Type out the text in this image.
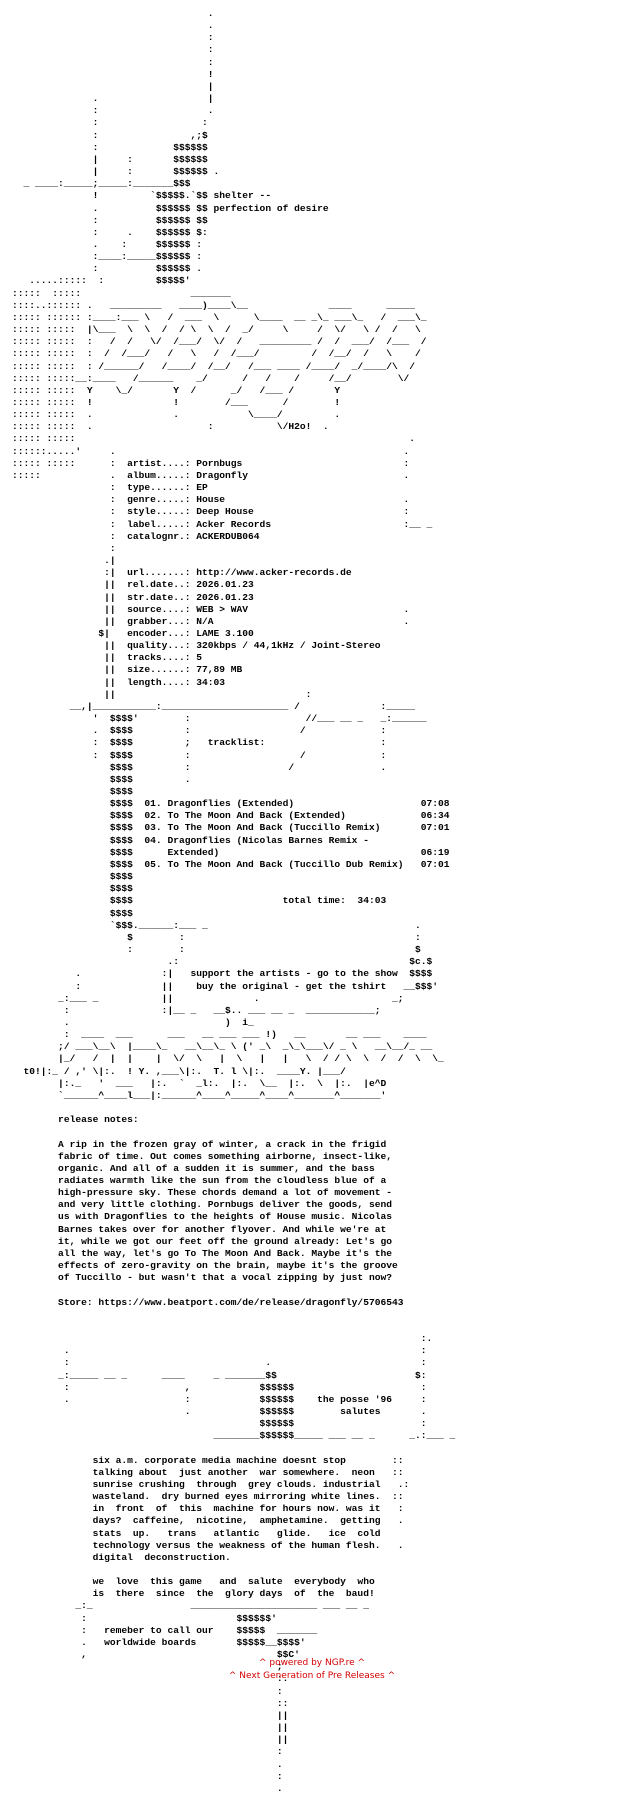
.
.
:
:
:
!
|
.                   |
:                   .
:                  :
:                ,;$
:             $$$$$$
|     :       $$$$$$
|     :       $$$$$$ .
_ ____:_____;_____:_______$$$
!         `$$$$$.`$$ shelter --
.          $$$$$$ $$ perfection of desire
:          $$$$$$ $$
:     .    $$$$$$ $:
.    :     $$$$$$ :
:____:_____$$$$$$ :
:          $$$$$$ .
.....:::::  :         $$$$$'
:::::  :::::                   _______
::::..:::::: .   _________   ____)____\__              ____      _____
::::: :::::: :____:___ \   /  ___  \      \____  __ _\_ ___\_   /  ___\_
::::: :::::  |\___  \  \  /  / \  \  /  _/     \     /  \/   \ /  /   \
::::: :::::  :   /  /   \/  /___/  \/  /   _________ /  /  ___/  /___  /
::::: :::::  :  /  /___/   /   \   /  /___/         /  /__/  /   \    /
::::: :::::  : /______/   /____/  /__/   /___ ____ /____/  _/____/\  /
::::: :::::__:____   /______    _/      /   /    /     /__/        \/
::::: :::::  Y    \_/       Y  /      _/   /___ /       Y
::::: :::::  !              !        /___      /        !
::::: :::::  .              .            \____/         .
::::: :::::  .                    :           \/H2o!  .
::::: :::::                                                          .
::::::.....'     .                                                  .
::::: :::::      :  artist....: Pornbugs                            :
:::::            .  album.....: Dragonfly                           .
:  type......: EP
:  genre.....: House                               .
:  style.....: Deep House                          :
:  label.....: Acker Records                       :__ _
:  catalognr.: ACKERDUB064
:
.|
:|  url.......: http://www.acker-records.de
||  rel.date..: 2026.01.23
||  str.date..: 2026.01.23
||  source....: WEB > WAV                           .
||  grabber...: N/A                                 .
$|   encoder...: LAME 3.100
||  quality...: 320kbps / 44,1kHz / Joint-Stereo
||  tracks....: 5
||  size......: 77,89 MB
||  length....: 34:03
||                                 :
__,|___________:______________________ /              :_____
'  $$$$'        :                    //___ __ _   _:______
.  $$$$         :                   /             :
:  $$$$         ;   tracklist:                    :
:  $$$$         :                   /             :
$$$$         :                 /               .
$$$$         .
$$$$
$$$$  01. Dragonflies (Extended)                      07:08
$$$$  02. To The Moon And Back (Extended)             06:34
$$$$  03. To The Moon And Back (Tuccillo Remix)       07:01
$$$$  04. Dragonflies (Nicolas Barnes Remix -
$$$$      Extended)                                   06:19
$$$$  05. To The Moon And Back (Tuccillo Dub Remix)   07:01
$$$$
$$$$
$$$$                          total time:  34:03
$$$$
`$$$.______:___ _                                    .
$        :                                        :
:        :                                        $
.:                                        $c.$
.              :|   support the artists - go to the show  $$$$
:              ||    buy the original - get the tshirt   __$$$'
_:___ _           ||              .                       _;
:                :|__ _   __$.. ___ __ _  ____________;
.                           )  i_
:  ____  ___      ___   __ ___ ___ !)   __       __ ___    ____
;/ ___\__\  |____\_   __\__\_ \ (' _\  _\_\___\/ _ \   __\__/_ __
|_/   /  |  |    |  \/  \   |  \   |   |   \  / / \  \  /  /  \  \_
t0!|:_ / ,' \|:.  ! Y. ,___\|:.  T. l \|:.  ____Y. |___/
|:._   '  ___   |:.  `  _l:.  |:.  \__  |:.  \  |:.  |e^D
`______^____l___|:______^____^_____^____^_______^_______'

release notes:

A rip in the frozen gray of winter, a crack in the frigid
fabric of time. Out comes something airborne, insect-like,
organic. And all of a sudden it is summer, and the bass
radiates warmth like the sun from the cloudless blue of a
high-pressure sky. These chords demand a lot of movement -
and very little clothing. Pornbugs deliver the goods, send
us with Dragonflies to the heights of House music. Nicolas
Barnes takes over for another flyover. And while we're at
it, while we got our feet off the ground already: Let's go
all the way, let's go To The Moon And Back. Maybe it's the
effects of zero-gravity on the brain, maybe it's the groove
of Tuccillo - but wasn't that a vocal zipping by just now?

Store: https://www.beatport.com/de/release/dragonfly/5706543

:.
.                                                             :
:                                  .                          :
_:_____ __ _      ____     _ _______$$                        $:
:                    ,            $$$$$$                      :
.                    :            $$$$$$    the posse '96     :
.            $$$$$$        salutes       .
$$$$$$                      :
________$$$$$$_____ ___ __ _      _.:___ _

six a.m. corporate media machine doesnt stop        ::
talking about  just another  war somewhere.  neon   ::
sunrise crushing  through  grey clouds. industrial   .:
wasteland.  dry burned eyes mirroring white lines.  ::
in  front  of  this  machine for hours now. was it   :
days?  caffeine,  nicotine,  amphetamine.  getting   .
stats  up.   trans   atlantic   glide.   ice  cold
technology versus the weakness of the human flesh.   .
digital  deconstruction.

we  love  this game   and  salute  everybody  who
is  there  since  the  glory days  of  the  baud!
_:_                 ______________________ ___ __ _
:                          $$$$$$'
:   remeber to call our    $$$$$  _______
.   worldwide boards       $$$$$__$$$$'
,                                 $$C'
;
:.
:
::
||
||
||
:
.
:
.

^ powered by NGP.re ^
^ Next Generation of Pre Releases ^
